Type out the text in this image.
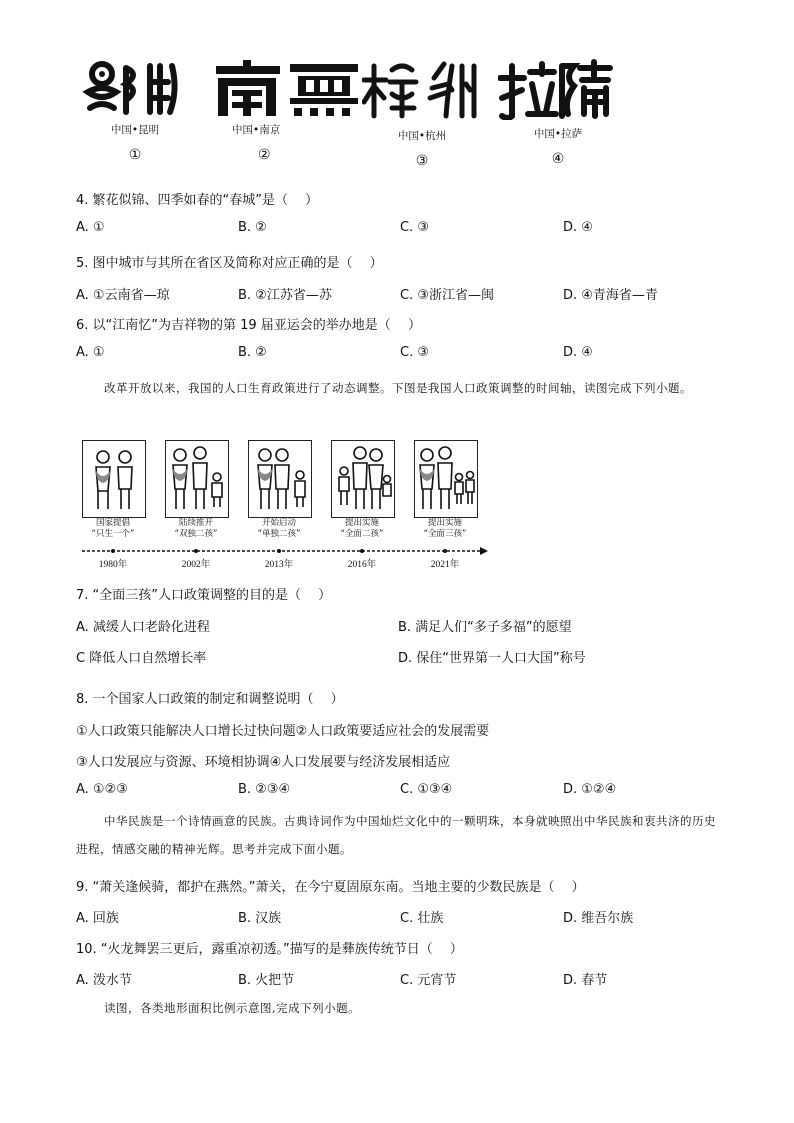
中国•昆明
①
中国•南京
②
中国•杭州
③
中国•拉萨
④
4. 繁花似锦、四季如春的“春城”是（　 ）
A. ①	B. ②	C. ③	D. ④
5. 图中城市与其所在省区及简称对应正确的是（　 ）
A. ①云南省—琼	B. ②江苏省—苏	C. ③浙江省—闽	D. ④青海省—青
6. 以“江南忆”为吉祥物的第 19 届亚运会的举办地是（　 ）
A. ①	B. ②	C. ③	D. ④
改革开放以来，我国的人口生育政策进行了动态调整。下图是我国人口政策调整的时间轴，读图完成下列小题。
国家提倡
“只生一个”
陆续推开
“双独二孩”
开始启动
“单独二孩”
提出实施
“全面二孩”
提出实施
“全面三孩”
1980年	2002年	2013年	2016年	2021年
7. “全面三孩”人口政策调整的目的是（　 ）
A. 减缓人口老龄化进程	B. 满足人们“多子多福”的愿望
C 降低人口自然增长率	D. 保住“世界第一人口大国”称号
8. 一个国家人口政策的制定和调整说明（　 ）
①人口政策只能解决人口增长过快问题②人口政策要适应社会的发展需要
③人口发展应与资源、环境相协调④人口发展要与经济发展相适应
A. ①②③	B. ②③④	C. ①③④	D. ①②④
中华民族是一个诗情画意的民族。古典诗词作为中国灿烂文化中的一颗明珠，本身就映照出中华民族和衷共济的历史进程，情感交融的精神光辉。思考并完成下面小题。
9. “萧关逢候骑，都护在燕然。”萧关，在今宁夏固原东南。当地主要的少数民族是（　 ）
A. 回族	B. 汉族	C. 壮族	D. 维吾尔族
10. “火龙舞罢三更后，露重凉初透。”描写的是彝族传统节日（　 ）
A. 泼水节	B. 火把节	C. 元宵节	D. 春节
读图，各类地形面积比例示意图,完成下列小题。
